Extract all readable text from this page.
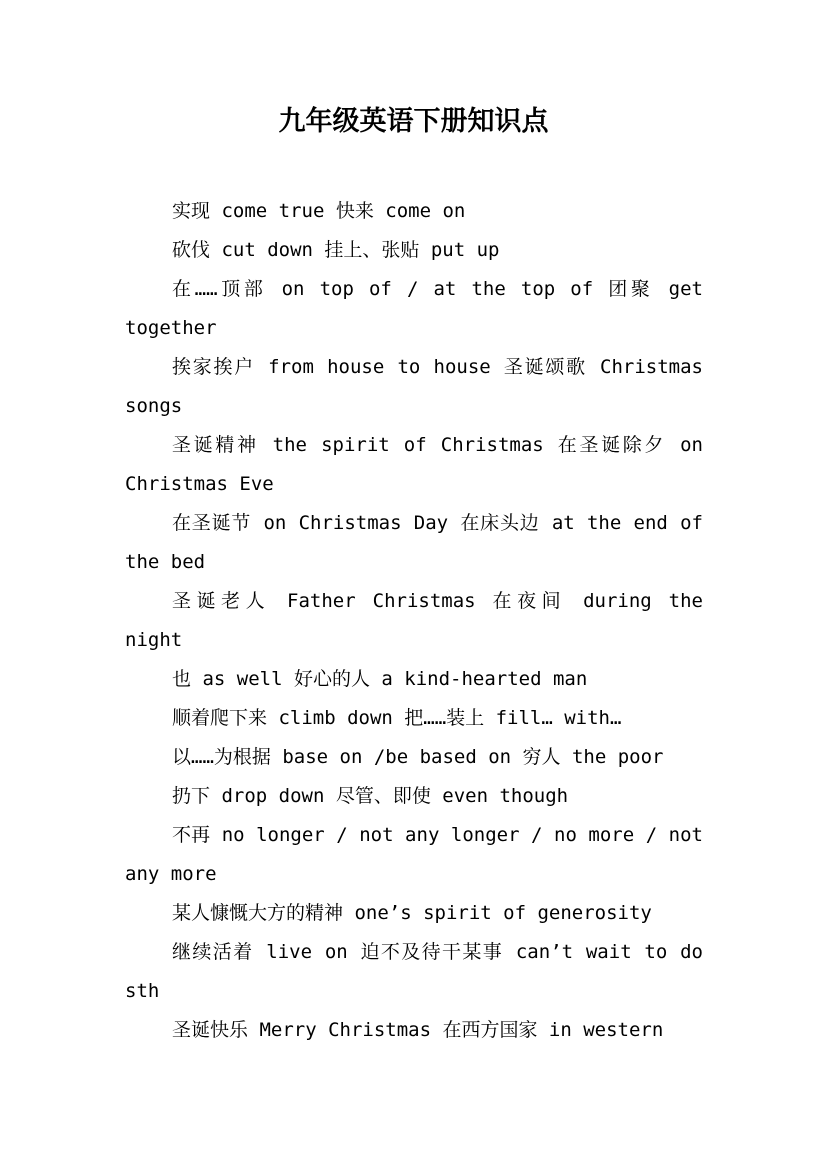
九年级英语下册知识点

实现 come true 快来 come on

砍伐 cut down 挂上、张贴 put up

在……顶部 on top of / at the top of 团聚 get together

挨家挨户 from house to house 圣诞颂歌 Christmas songs

圣诞精神 the spirit of Christmas 在圣诞除夕 on Christmas Eve

在圣诞节 on Christmas Day 在床头边 at the end of the bed

圣诞老人 Father Christmas 在夜间 during the night

也 as well 好心的人 a kind-hearted man

顺着爬下来 climb down 把……装上 fill… with…

以……为根据 base on /be based on 穷人 the poor

扔下 drop down 尽管、即使 even though

不再 no longer / not any longer / no more / not any more

某人慷慨大方的精神 one’s spirit of generosity

继续活着 live on 迫不及待干某事 can’t wait to do sth

圣诞快乐 Merry Christmas 在西方国家 in western
